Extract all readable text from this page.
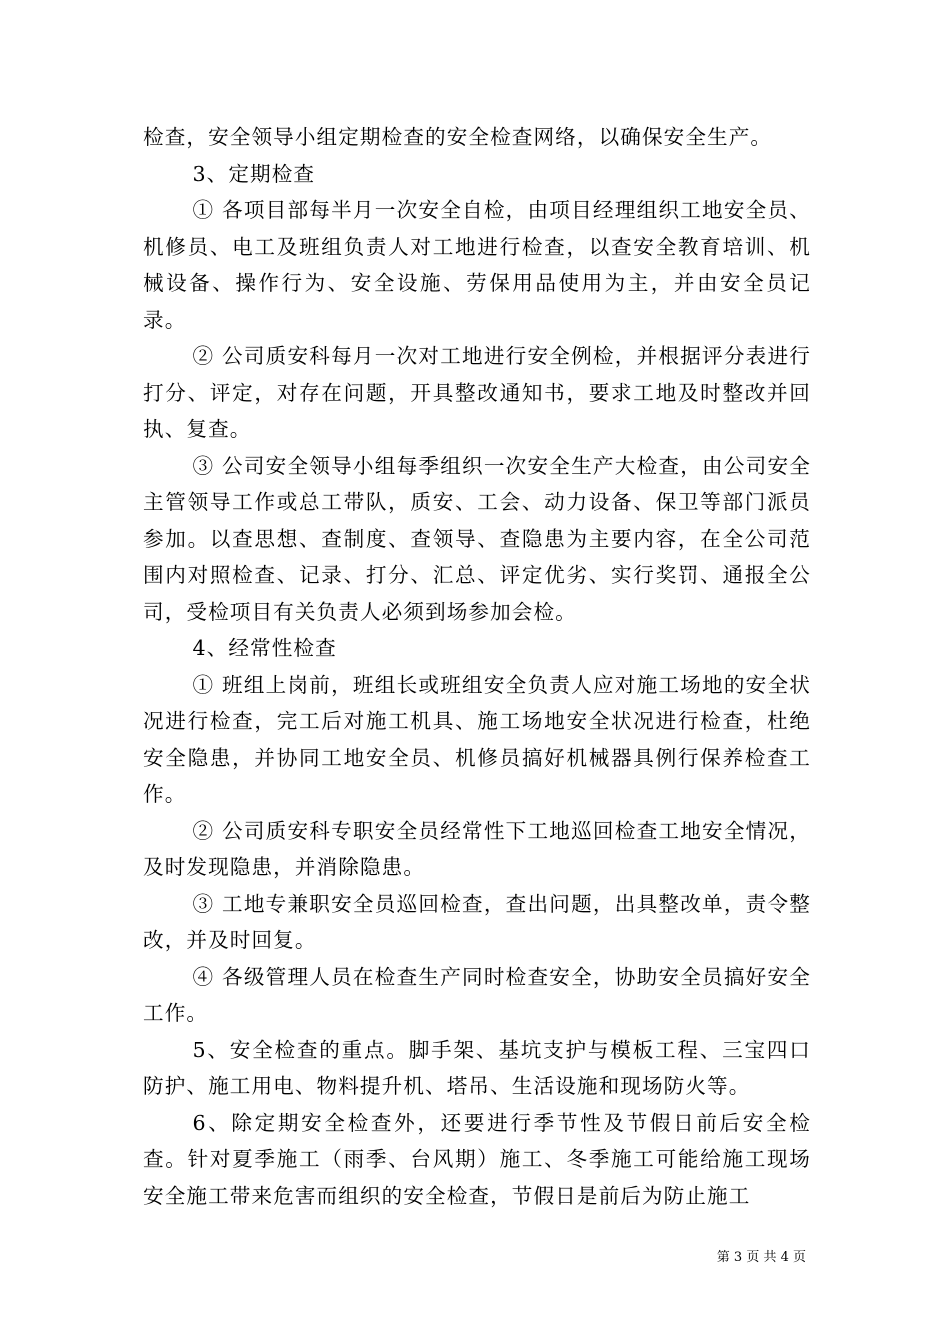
检查，安全领导小组定期检查的安全检查网络，以确保安全生产。

3、定期检查

① 各项目部每半月一次安全自检，由项目经理组织工地安全员、机修员、电工及班组负责人对工地进行检查，以查安全教育培训、机械设备、操作行为、安全设施、劳保用品使用为主，并由安全员记录。

② 公司质安科每月一次对工地进行安全例检，并根据评分表进行打分、评定，对存在问题，开具整改通知书，要求工地及时整改并回执、复查。

③ 公司安全领导小组每季组织一次安全生产大检查，由公司安全主管领导工作或总工带队，质安、工会、动力设备、保卫等部门派员参加。以查思想、查制度、查领导、查隐患为主要内容，在全公司范围内对照检查、记录、打分、汇总、评定优劣、实行奖罚、通报全公司，受检项目有关负责人必须到场参加会检。

4、经常性检查

① 班组上岗前，班组长或班组安全负责人应对施工场地的安全状况进行检查，完工后对施工机具、施工场地安全状况进行检查，杜绝安全隐患，并协同工地安全员、机修员搞好机械器具例行保养检查工作。

② 公司质安科专职安全员经常性下工地巡回检查工地安全情况，及时发现隐患，并消除隐患。

③ 工地专兼职安全员巡回检查，查出问题，出具整改单，责令整改，并及时回复。

④ 各级管理人员在检查生产同时检查安全，协助安全员搞好安全工作。

5、安全检查的重点。脚手架、基坑支护与模板工程、三宝四口防护、施工用电、物料提升机、塔吊、生活设施和现场防火等。

6、除定期安全检查外，还要进行季节性及节假日前后安全检查。针对夏季施工（雨季、台风期）施工、冬季施工可能给施工现场安全施工带来危害而组织的安全检查，节假日是前后为防止施工

第 3 页 共 4 页
